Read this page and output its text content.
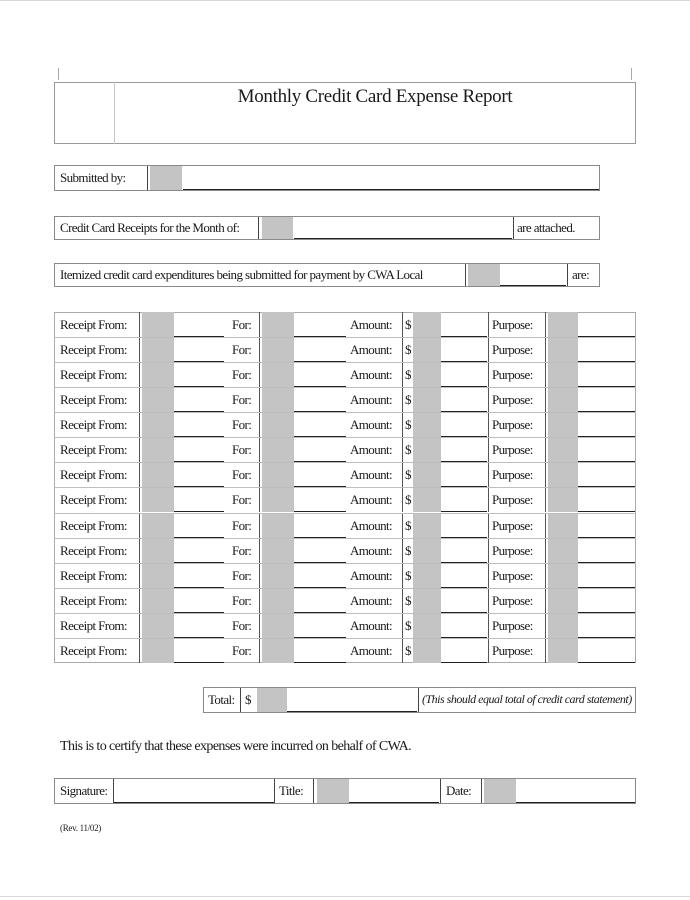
Monthly Credit Card Expense Report
Submitted by:
Credit Card Receipts for the Month of:	are attached.
Itemized credit card expenditures being submitted for payment by CWA Local	are:
Receipt From:	For:	Amount: $	Purpose:
Receipt From:	For:	Amount: $	Purpose:
Receipt From:	For:	Amount: $	Purpose:
Receipt From:	For:	Amount: $	Purpose:
Receipt From:	For:	Amount: $	Purpose:
Receipt From:	For:	Amount: $	Purpose:
Receipt From:	For:	Amount: $	Purpose:
Receipt From:	For:	Amount: $	Purpose:
Receipt From:	For:	Amount: $	Purpose:
Receipt From:	For:	Amount: $	Purpose:
Receipt From:	For:	Amount: $	Purpose:
Receipt From:	For:	Amount: $	Purpose:
Receipt From:	For:	Amount: $	Purpose:
Receipt From:	For:	Amount: $	Purpose:
Total: $	(This should equal total of credit card statement)
This is to certify that these expenses were incurred on behalf of CWA.
Signature:	Title:	Date:
(Rev. 11/02)
